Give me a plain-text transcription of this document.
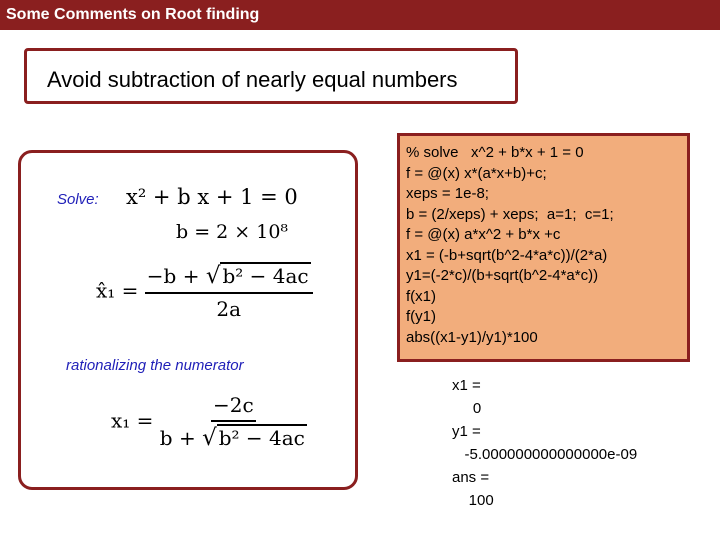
Some Comments on Root finding
Avoid subtraction of nearly equal numbers
Solve: x² + b x + 1 = 0
b = 2 × 10⁸
x̂₁ = $\frac{\text{−b + √ b² − 4ac}}{2a}$
rationalizing the numerator
$x_1 = \frac{-2c}{\text{b + √ b² − 4ac}}$
% solve   x^2 + b*x + 1 = 0
f = @(x) x*(a*x+b)+c;
xeps = 1e-8;
b = (2/xeps) + xeps;  a=1;  c=1;
f = @(x) a*x^2 + b*x +c
x1 = (-b+sqrt(b^2-4*a*c))/(2*a)
y1=(-2*c)/(b+sqrt(b^2-4*a*c))
f(x1)
f(y1)
abs((x1-y1)/y1)*100
x1 =
0
y1 =
-5.000000000000000e-09
ans =
100
